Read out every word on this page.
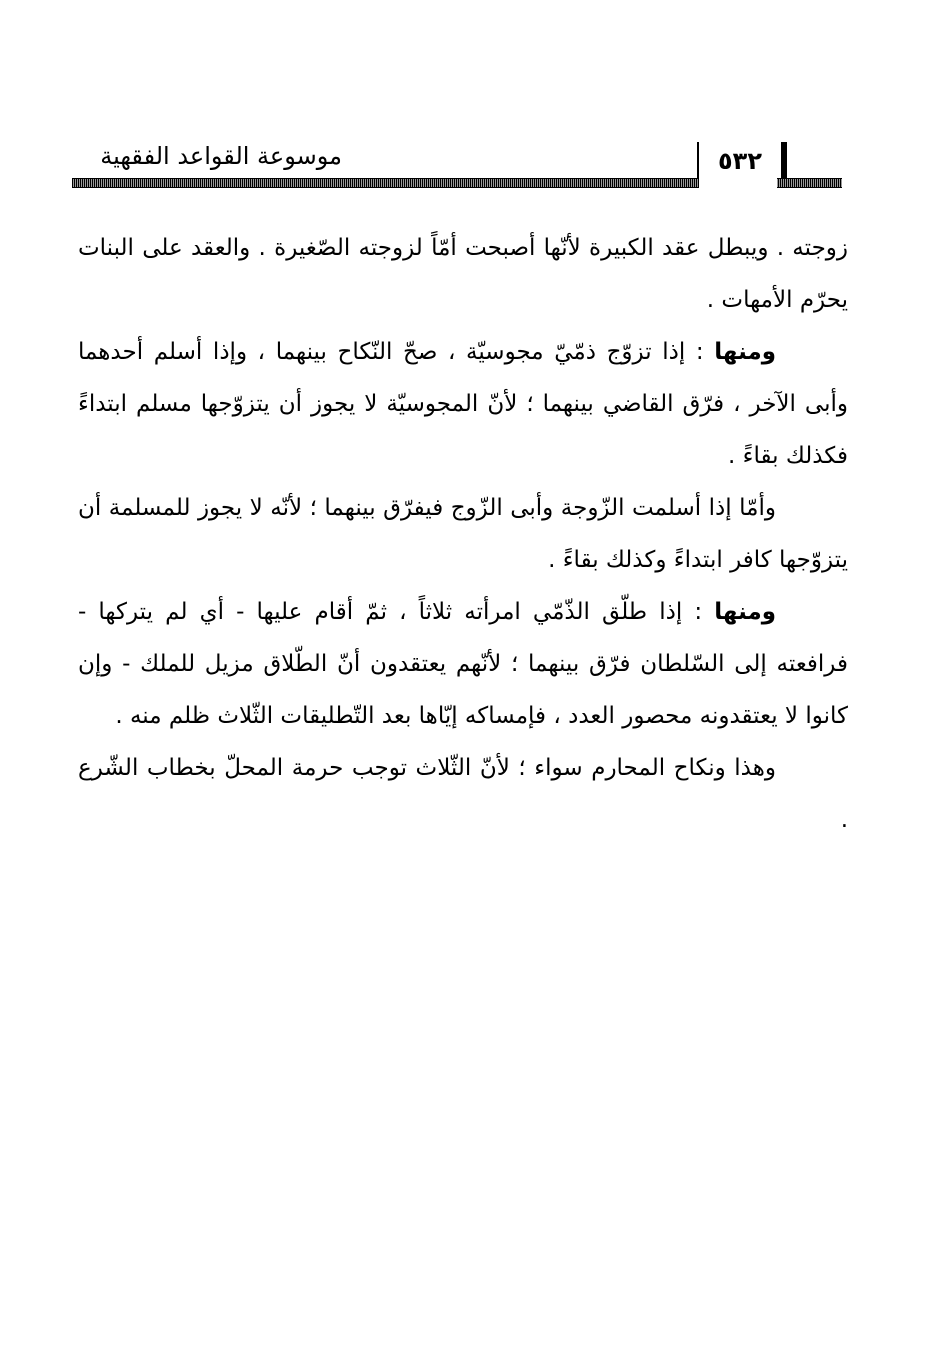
٥٣٢
موسوعة القواعد الفقهية

زوجته . ويبطل عقد الكبيرة لأنّها أصبحت أمّاً لزوجته الصّغيرة . والعقد على البنات يحرّم الأمهات .

ومنها : إذا تزوّج ذمّيّ مجوسيّة ، صحّ النّكاح بينهما ، وإذا أسلم أحدهما وأبى الآخر ، فرّق القاضي بينهما ؛ لأنّ المجوسيّة لا يجوز أن يتزوّجها مسلم ابتداءً فكذلك بقاءً .

وأمّا إذا أسلمت الزّوجة وأبى الزّوج فيفرّق بينهما ؛ لأنّه لا يجوز للمسلمة أن يتزوّجها كافر ابتداءً وكذلك بقاءً .

ومنها : إذا طلّق الذّمّي امرأته ثلاثاً ، ثمّ أقام عليها - أي لم يتركها - فرافعته إلى السّلطان فرّق بينهما ؛ لأنّهم يعتقدون أنّ الطّلاق مزيل للملك - وإن كانوا لا يعتقدونه محصور العدد ، فإمساكه إيّاها بعد التّطليقات الثّلاث ظلم منه .

وهذا ونكاح المحارم سواء ؛ لأنّ الثّلاث توجب حرمة المحلّ بخطاب الشّرع .
